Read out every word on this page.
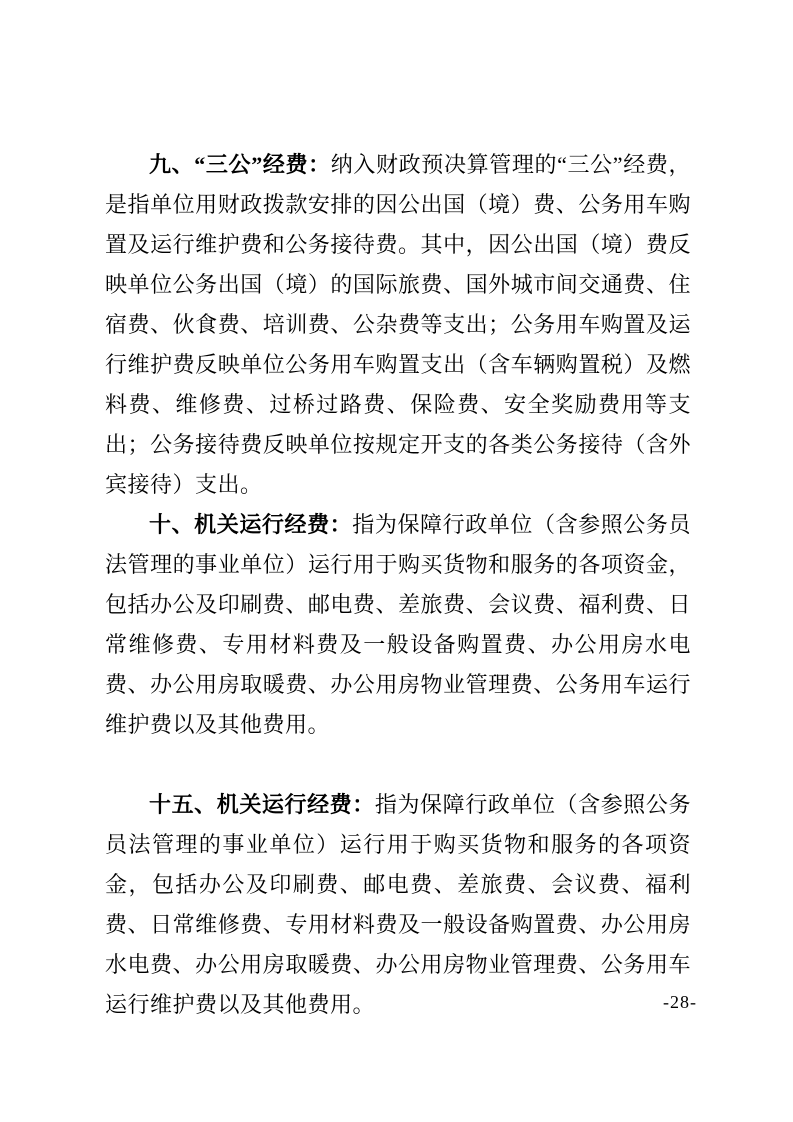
九、“三公”经费：纳入财政预决算管理的“三公”经费，是指单位用财政拨款安排的因公出国（境）费、公务用车购置及运行维护费和公务接待费。其中，因公出国（境）费反映单位公务出国（境）的国际旅费、国外城市间交通费、住宿费、伙食费、培训费、公杂费等支出；公务用车购置及运行维护费反映单位公务用车购置支出（含车辆购置税）及燃料费、维修费、过桥过路费、保险费、安全奖励费用等支出；公务接待费反映单位按规定开支的各类公务接待（含外宾接待）支出。

十、机关运行经费：指为保障行政单位（含参照公务员法管理的事业单位）运行用于购买货物和服务的各项资金，包括办公及印刷费、邮电费、差旅费、会议费、福利费、日常维修费、专用材料费及一般设备购置费、办公用房水电费、办公用房取暖费、办公用房物业管理费、公务用车运行维护费以及其他费用。

十五、机关运行经费：指为保障行政单位（含参照公务员法管理的事业单位）运行用于购买货物和服务的各项资金，包括办公及印刷费、邮电费、差旅费、会议费、福利费、日常维修费、专用材料费及一般设备购置费、办公用房水电费、办公用房取暖费、办公用房物业管理费、公务用车运行维护费以及其他费用。	-28-
